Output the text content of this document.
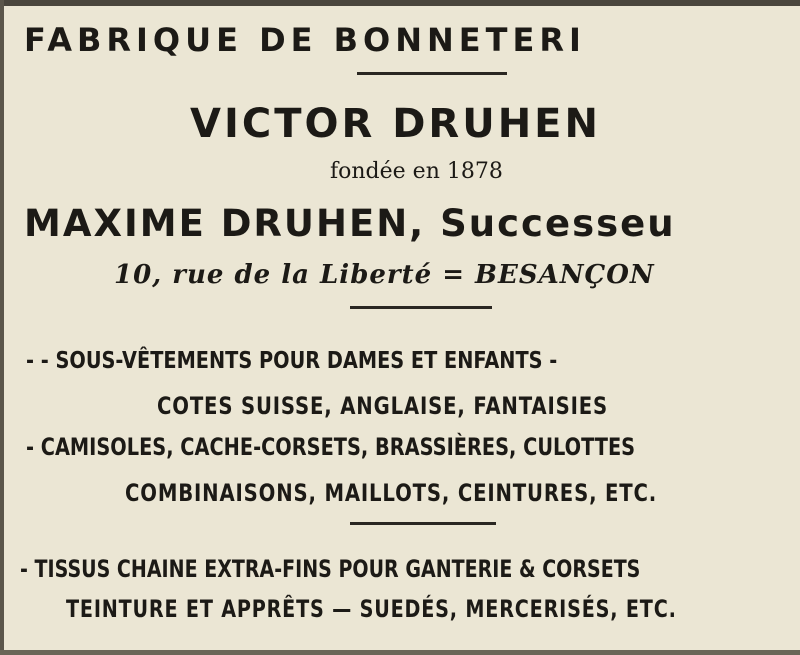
FABRIQUE DE BONNETERI
VICTOR DRUHEN
fondée en 1878
MAXIME DRUHEN, Successeu
10, rue de la Liberté = BESANÇON
- - SOUS-VÊTEMENTS POUR DAMES ET ENFANTS -
COTES SUISSE, ANGLAISE, FANTAISIES
- CAMISOLES, CACHE-CORSETS, BRASSIÈRES, CULOTTES
COMBINAISONS, MAILLOTS, CEINTURES, ETC.
- TISSUS CHAINE EXTRA-FINS POUR GANTERIE & CORSETS
TEINTURE ET APPRÊTS — SUEDÉS, MERCERISÉS, ETC.
